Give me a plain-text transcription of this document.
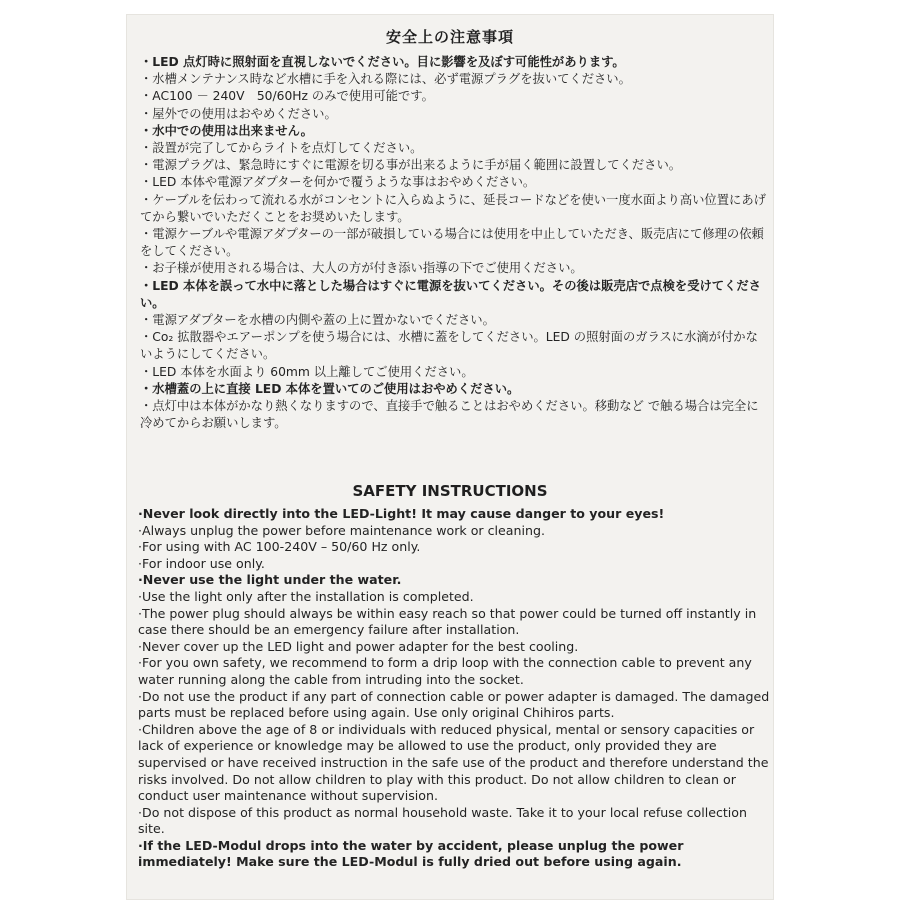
安全上の注意事項
・LED 点灯時に照射面を直視しないでください。目に影響を及ぼす可能性があります。
・水槽メンテナンス時など水槽に手を入れる際には、必ず電源プラグを抜いてください。
・AC100 － 240V　50/60Hz のみで使用可能です。
・屋外での使用はおやめください。
・水中での使用は出来ません。
・設置が完了してからライトを点灯してください。
・電源プラグは、緊急時にすぐに電源を切る事が出来るように手が届く範囲に設置してください。
・LED 本体や電源アダプターを何かで覆うような事はおやめください。
・ケーブルを伝わって流れる水がコンセントに入らぬように、延長コードなどを使い一度水面より高い位置にあげてから繋いでいただくことをお奨めいたします。
・電源ケーブルや電源アダプターの一部が破損している場合には使用を中止していただき、販売店にて修理の依頼をしてください。
・お子様が使用される場合は、大人の方が付き添い指導の下でご使用ください。
・LED 本体を誤って水中に落とした場合はすぐに電源を抜いてください。その後は販売店で点検を受けてください。
・電源アダプターを水槽の内側や蓋の上に置かないでください。
・Co₂ 拡散器やエアーポンプを使う場合には、水槽に蓋をしてください。LED の照射面のガラスに水滴が付かないようにしてください。
・LED 本体を水面より 60mm 以上離してご使用ください。
・水槽蓋の上に直接 LED 本体を置いてのご使用はおやめください。
・点灯中は本体がかなり熱くなりますので、直接手で触ることはおやめください。移動など で触る場合は完全に冷めてからお願いします。
SAFETY INSTRUCTIONS
·Never look directly into the LED-Light! It may cause danger to your eyes!
·Always unplug the power before maintenance work or cleaning.
·For using with AC 100-240V – 50/60 Hz only.
·For indoor use only.
·Never use the light under the water.
·Use the light only after the installation is completed.
·The power plug should always be within easy reach so that power could be turned off instantly in case there should be an emergency failure after installation.
·Never cover up the LED light and power adapter for the best cooling.
·For you own safety, we recommend to form a drip loop with the connection cable to prevent any water running along the cable from intruding into the socket.
·Do not use the product if any part of connection cable or power adapter is damaged. The damaged parts must be replaced before using again. Use only original Chihiros parts.
·Children above the age of 8 or individuals with reduced physical, mental or sensory capacities or lack of experience or knowledge may be allowed to use the product, only provided they are supervised or have received instruction in the safe use of the product and therefore understand the risks involved. Do not allow children to play with this product. Do not allow children to clean or conduct user maintenance without supervision.
·Do not dispose of this product as normal household waste. Take it to your local refuse collection site.
·If the LED-Modul drops into the water by accident, please unplug the power immediately! Make sure the LED-Modul is fully dried out before using again.
